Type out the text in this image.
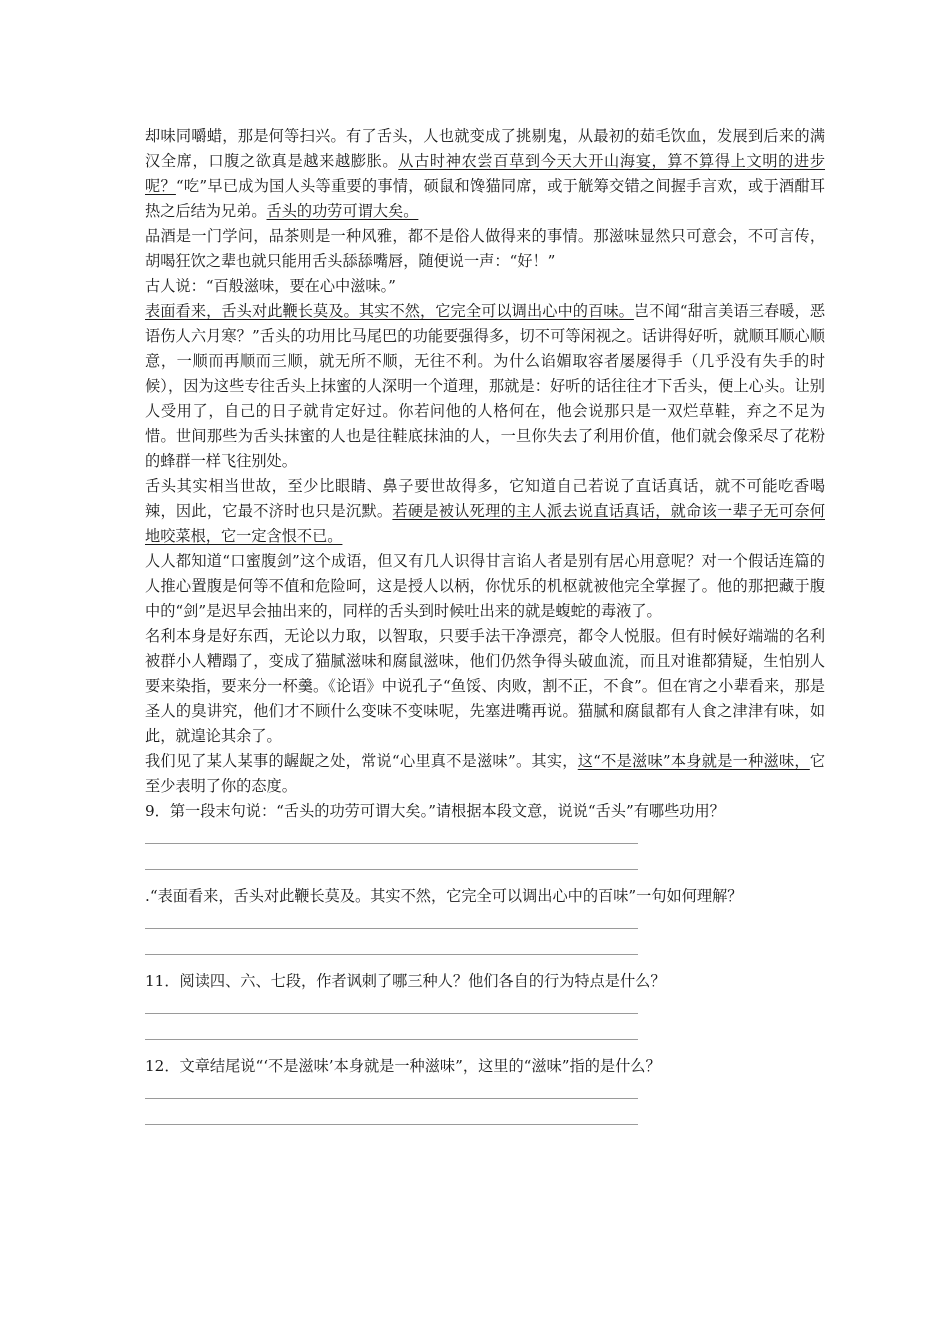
却味同嚼蜡，那是何等扫兴。有了舌头，人也就变成了挑剔鬼，从最初的茹毛饮血，发展到后来的满汉全席，口腹之欲真是越来越膨胀。从古时神农尝百草到今天大开山海宴，算不算得上文明的进步呢？“吃”早已成为国人头等重要的事情，硕鼠和馋猫同席，或于觥筹交错之间握手言欢，或于酒酣耳热之后结为兄弟。舌头的功劳可谓大矣。

品酒是一门学问，品茶则是一种风雅，都不是俗人做得来的事情。那滋味显然只可意会，不可言传，胡喝狂饮之辈也就只能用舌头舔舔嘴唇，随便说一声：“好！”

古人说：“百般滋味，要在心中滋味。”

表面看来，舌头对此鞭长莫及。其实不然，它完全可以调出心中的百味。岂不闻“甜言美语三春暖，恶语伤人六月寒？”舌头的功用比马尾巴的功能要强得多，切不可等闲视之。话讲得好听，就顺耳顺心顺意，一顺而再顺而三顺，就无所不顺，无往不利。为什么谄媚取容者屡屡得手（几乎没有失手的时候），因为这些专往舌头上抹蜜的人深明一个道理，那就是：好听的话往往才下舌头，便上心头。让别人受用了，自己的日子就肯定好过。你若问他的人格何在，他会说那只是一双烂草鞋，弃之不足为惜。世间那些为舌头抹蜜的人也是往鞋底抹油的人，一旦你失去了利用价值，他们就会像采尽了花粉的蜂群一样飞往别处。

舌头其实相当世故，至少比眼睛、鼻子要世故得多，它知道自己若说了直话真话，就不可能吃香喝辣，因此，它最不济时也只是沉默。若硬是被认死理的主人派去说直话真话，就命该一辈子无可奈何地咬菜根，它一定含恨不已。

人人都知道“口蜜腹剑”这个成语，但又有几人识得甘言谄人者是别有居心用意呢？对一个假话连篇的人推心置腹是何等不值和危险呵，这是授人以柄，你忧乐的机枢就被他完全掌握了。他的那把藏于腹中的“剑”是迟早会抽出来的，同样的舌头到时候吐出来的就是蝮蛇的毒液了。

名利本身是好东西，无论以力取，以智取，只要手法干净漂亮，都令人悦服。但有时候好端端的名利被群小人糟蹋了，变成了猫腻滋味和腐鼠滋味，他们仍然争得头破血流，而且对谁都猜疑，生怕别人要来染指，要来分一杯羹。《论语》中说孔子“鱼馁、肉败，割不正，不食”。但在宵之小辈看来，那是圣人的臭讲究，他们才不顾什么变味不变味呢，先塞进嘴再说。猫腻和腐鼠都有人食之津津有味，如此，就遑论其余了。

我们见了某人某事的龌龊之处，常说“心里真不是滋味”。其实，这“不是滋味”本身就是一种滋味，它至少表明了你的态度。

9．第一段末句说：“舌头的功劳可谓大矣。”请根据本段文意，说说“舌头”有哪些功用？

.“表面看来，舌头对此鞭长莫及。其实不然，它完全可以调出心中的百味”一句如何理解？

11．阅读四、六、七段，作者讽刺了哪三种人？他们各自的行为特点是什么？

12．文章结尾说“‘不是滋味’本身就是一种滋味”，这里的“滋味”指的是什么？
